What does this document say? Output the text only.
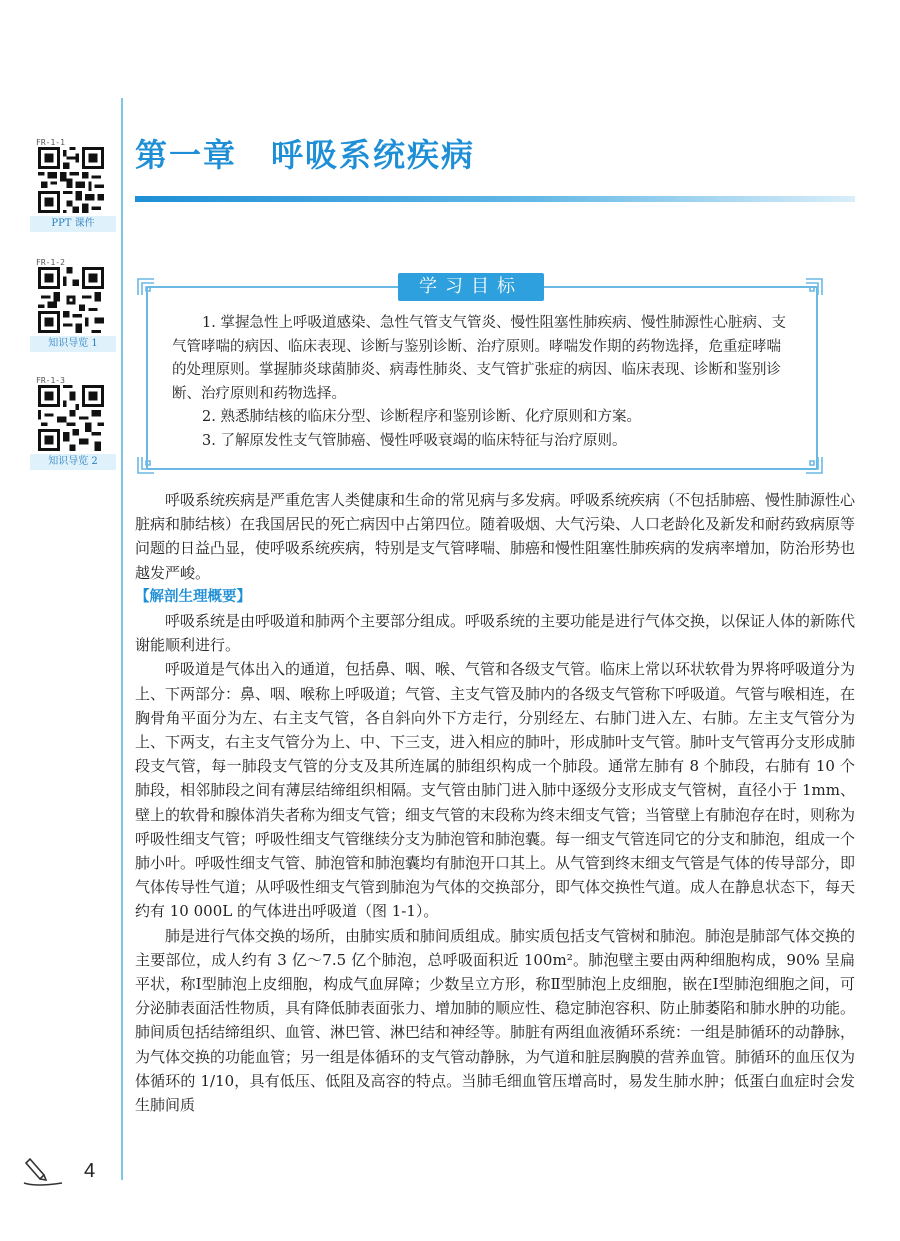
FR-1-1
PPT 课件
FR-1-2
知识导览 1
FR-1-3
知识导览 2
第一章　呼吸系统疾病
学习目标

1. 掌握急性上呼吸道感染、急性气管支气管炎、慢性阻塞性肺疾病、慢性肺源性心脏病、支气管哮喘的病因、临床表现、诊断与鉴别诊断、治疗原则。哮喘发作期的药物选择，危重症哮喘的处理原则。掌握肺炎球菌肺炎、病毒性肺炎、支气管扩张症的病因、临床表现、诊断和鉴别诊断、治疗原则和药物选择。

2. 熟悉肺结核的临床分型、诊断程序和鉴别诊断、化疗原则和方案。

3. 了解原发性支气管肺癌、慢性呼吸衰竭的临床特征与治疗原则。

呼吸系统疾病是严重危害人类健康和生命的常见病与多发病。呼吸系统疾病（不包括肺癌、慢性肺源性心脏病和肺结核）在我国居民的死亡病因中占第四位。随着吸烟、大气污染、人口老龄化及新发和耐药致病原等问题的日益凸显，使呼吸系统疾病，特别是支气管哮喘、肺癌和慢性阻塞性肺疾病的发病率增加，防治形势也越发严峻。

【解剖生理概要】

呼吸系统是由呼吸道和肺两个主要部分组成。呼吸系统的主要功能是进行气体交换，以保证人体的新陈代谢能顺利进行。

呼吸道是气体出入的通道，包括鼻、咽、喉、气管和各级支气管。临床上常以环状软骨为界将呼吸道分为上、下两部分：鼻、咽、喉称上呼吸道；气管、主支气管及肺内的各级支气管称下呼吸道。气管与喉相连，在胸骨角平面分为左、右主支气管，各自斜向外下方走行，分别经左、右肺门进入左、右肺。左主支气管分为上、下两支，右主支气管分为上、中、下三支，进入相应的肺叶，形成肺叶支气管。肺叶支气管再分支形成肺段支气管，每一肺段支气管的分支及其所连属的肺组织构成一个肺段。通常左肺有 8 个肺段，右肺有 10 个肺段，相邻肺段之间有薄层结缔组织相隔。支气管由肺门进入肺中逐级分支形成支气管树，直径小于 1mm、壁上的软骨和腺体消失者称为细支气管；细支气管的末段称为终末细支气管；当管壁上有肺泡存在时，则称为呼吸性细支气管；呼吸性细支气管继续分支为肺泡管和肺泡囊。每一细支气管连同它的分支和肺泡，组成一个肺小叶。呼吸性细支气管、肺泡管和肺泡囊均有肺泡开口其上。从气管到终末细支气管是气体的传导部分，即气体传导性气道；从呼吸性细支气管到肺泡为气体的交换部分，即气体交换性气道。成人在静息状态下，每天约有 10 000L 的气体进出呼吸道（图 1-1）。

肺是进行气体交换的场所，由肺实质和肺间质组成。肺实质包括支气管树和肺泡。肺泡是肺部气体交换的主要部位，成人约有 3 亿～7.5 亿个肺泡，总呼吸面积近 100m²。肺泡壁主要由两种细胞构成，90% 呈扁平状，称Ⅰ型肺泡上皮细胞，构成气血屏障；少数呈立方形，称Ⅱ型肺泡上皮细胞，嵌在Ⅰ型肺泡细胞之间，可分泌肺表面活性物质，具有降低肺表面张力、增加肺的顺应性、稳定肺泡容积、防止肺萎陷和肺水肿的功能。肺间质包括结缔组织、血管、淋巴管、淋巴结和神经等。肺脏有两组血液循环系统：一组是肺循环的动静脉，为气体交换的功能血管；另一组是体循环的支气管动静脉，为气道和脏层胸膜的营养血管。肺循环的血压仅为体循环的 1/10，具有低压、低阻及高容的特点。当肺毛细血管压增高时，易发生肺水肿；低蛋白血症时会发生肺间质

4
